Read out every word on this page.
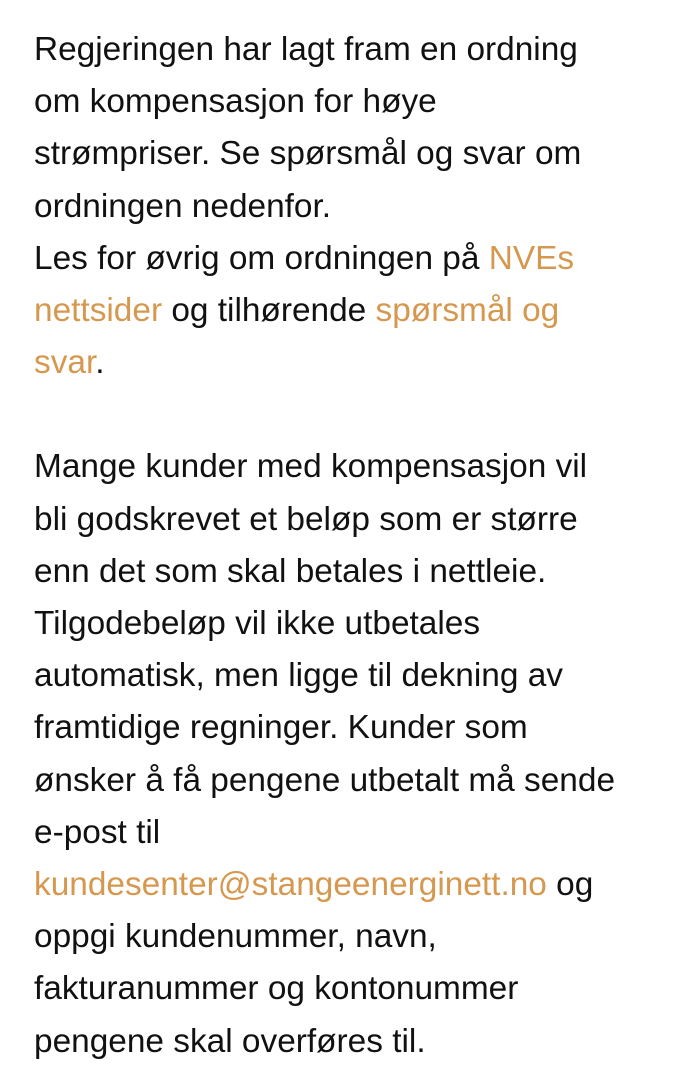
Regjeringen har lagt fram en ordning
om kompensasjon for høye
strømpriser. Se spørsmål og svar om
ordningen nedenfor.
Les for øvrig om ordningen på NVEs
nettsider og tilhørende spørsmål og
svar.

Mange kunder med kompensasjon vil
bli godskrevet et beløp som er større
enn det som skal betales i nettleie.
Tilgodebeløp vil ikke utbetales
automatisk, men ligge til dekning av
framtidige regninger. Kunder som
ønsker å få pengene utbetalt må sende
e-post til
kundesenter@stangeenerginett.no og
oppgi kundenummer, navn,
fakturanummer og kontonummer
pengene skal overføres til.
